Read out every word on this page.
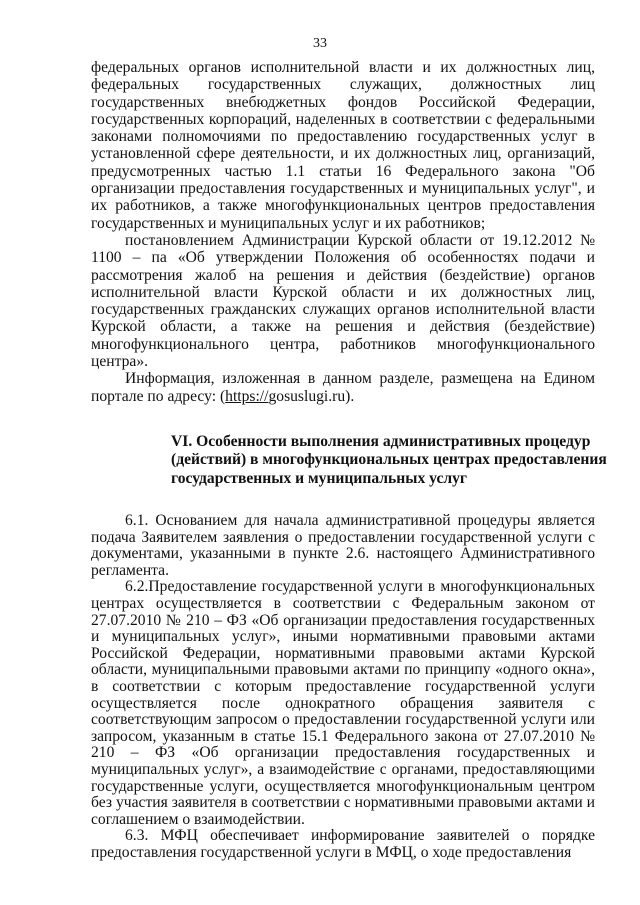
33

федеральных органов исполнительной власти и их должностных лиц, федеральных государственных служащих, должностных лиц государственных внебюджетных фондов Российской Федерации, государственных корпораций, наделенных в соответствии с федеральными законами полномочиями по предоставлению государственных услуг в установленной сфере деятельности, и их должностных лиц, организаций, предусмотренных частью 1.1 статьи 16 Федерального закона "Об организации предоставления государственных и муниципальных услуг", и их работников, а также многофункциональных центров предоставления государственных и муниципальных услуг и их работников;

постановлением Администрации Курской области от 19.12.2012 № 1100 – па «Об утверждении Положения об особенностях подачи и рассмотрения жалоб на решения и действия (бездействие) органов исполнительной власти Курской области и их должностных лиц, государственных гражданских служащих органов исполнительной власти Курской области, а также на решения и действия (бездействие) многофункционального центра, работников многофункционального центра».

Информация, изложенная в данном разделе, размещена на Едином портале по адресу: (https://gosuslugi.ru).

VI. Особенности выполнения административных процедур
(действий) в многофункциональных центрах предоставления
государственных и муниципальных услуг

6.1. Основанием для начала административной процедуры является подача Заявителем заявления о предоставлении государственной услуги с документами, указанными в пункте 2.6. настоящего Административного регламента.

6.2.Предоставление государственной услуги в многофункциональных центрах осуществляется в соответствии с Федеральным законом от 27.07.2010 № 210 – ФЗ «Об организации предоставления государственных и муниципальных услуг», иными нормативными правовыми актами Российской Федерации, нормативными правовыми актами Курской области, муниципальными правовыми актами по принципу «одного окна», в соответствии с которым предоставление государственной услуги осуществляется после однократного обращения заявителя с соответствующим запросом о предоставлении государственной услуги или запросом, указанным в статье 15.1 Федерального закона от 27.07.2010 № 210 – ФЗ «Об организации предоставления государственных и муниципальных услуг», а взаимодействие с органами, предоставляющими государственные услуги, осуществляется многофункциональным центром без участия заявителя в соответствии с нормативными правовыми актами и соглашением о взаимодействии.

6.3. МФЦ обеспечивает информирование заявителей о порядке предоставления государственной услуги в МФЦ, о ходе предоставления
